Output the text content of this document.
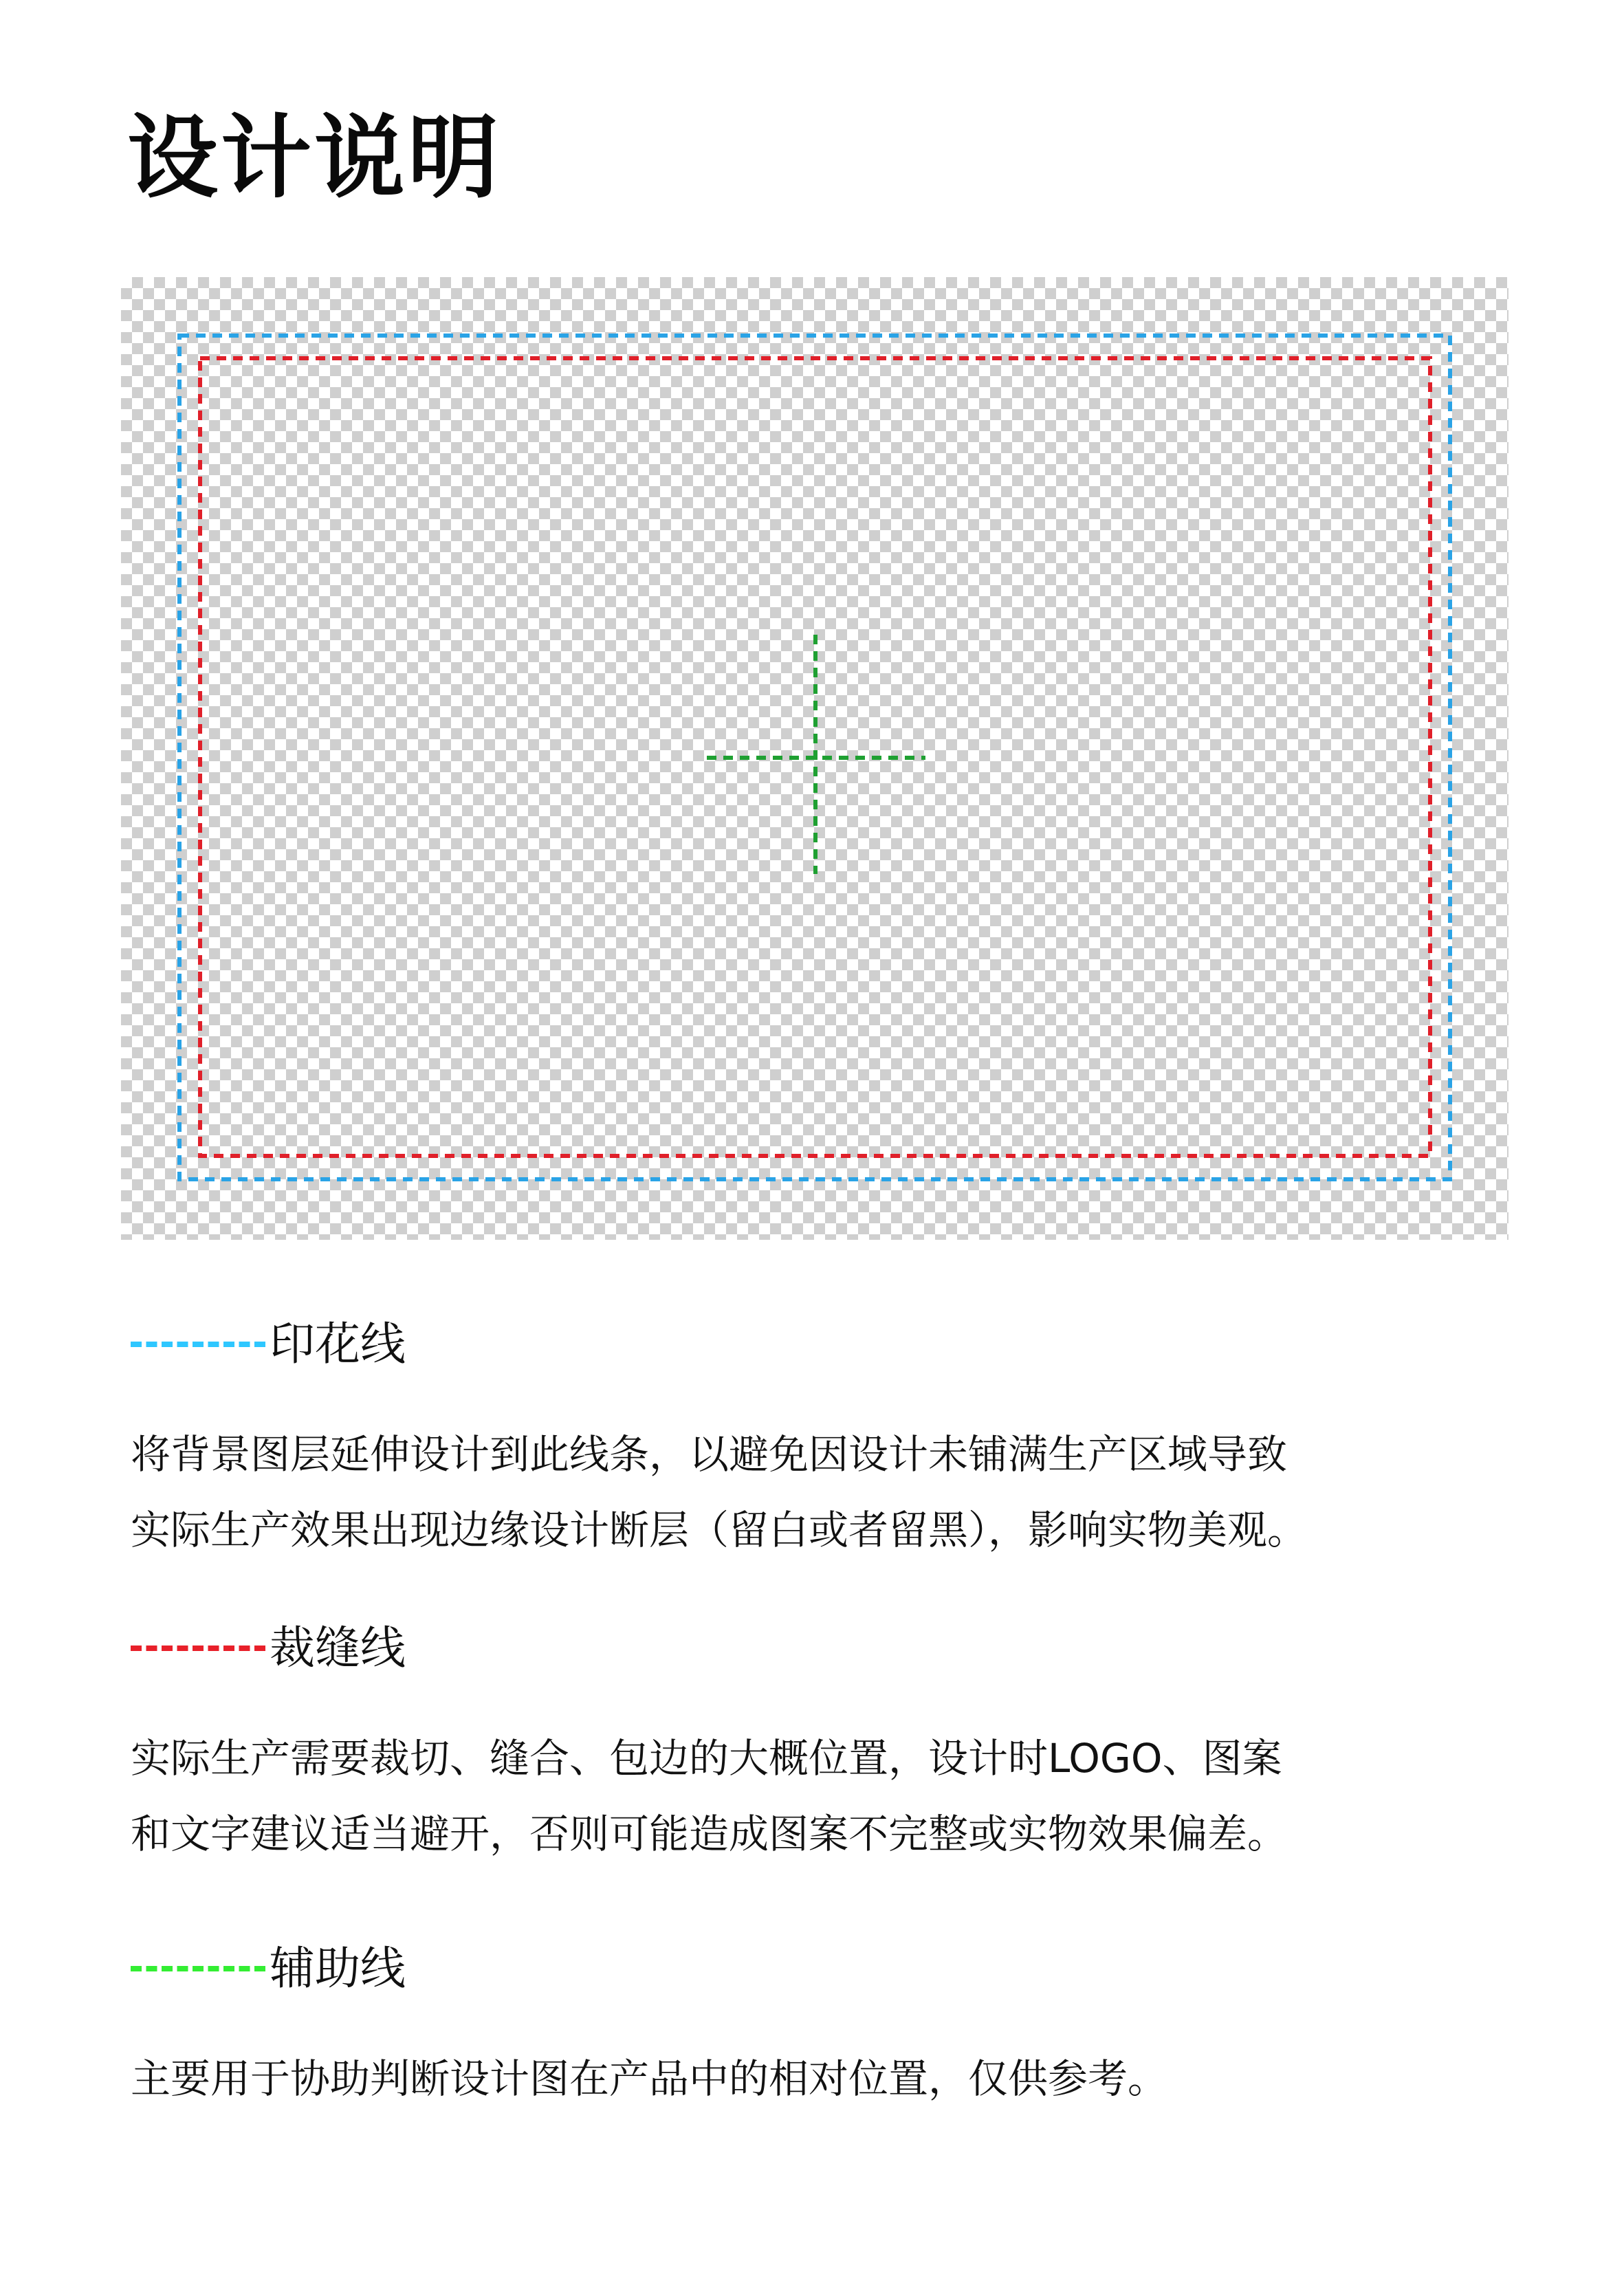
设计说明
印花线
将背景图层延伸设计到此线条，以避免因设计未铺满生产区域导致
实际生产效果出现边缘设计断层（留白或者留黑），影响实物美观。
裁缝线
实际生产需要裁切、缝合、包边的大概位置，设计时LOGO、图案
和文字建议适当避开，否则可能造成图案不完整或实物效果偏差。
辅助线
主要用于协助判断设计图在产品中的相对位置，仅供参考。
